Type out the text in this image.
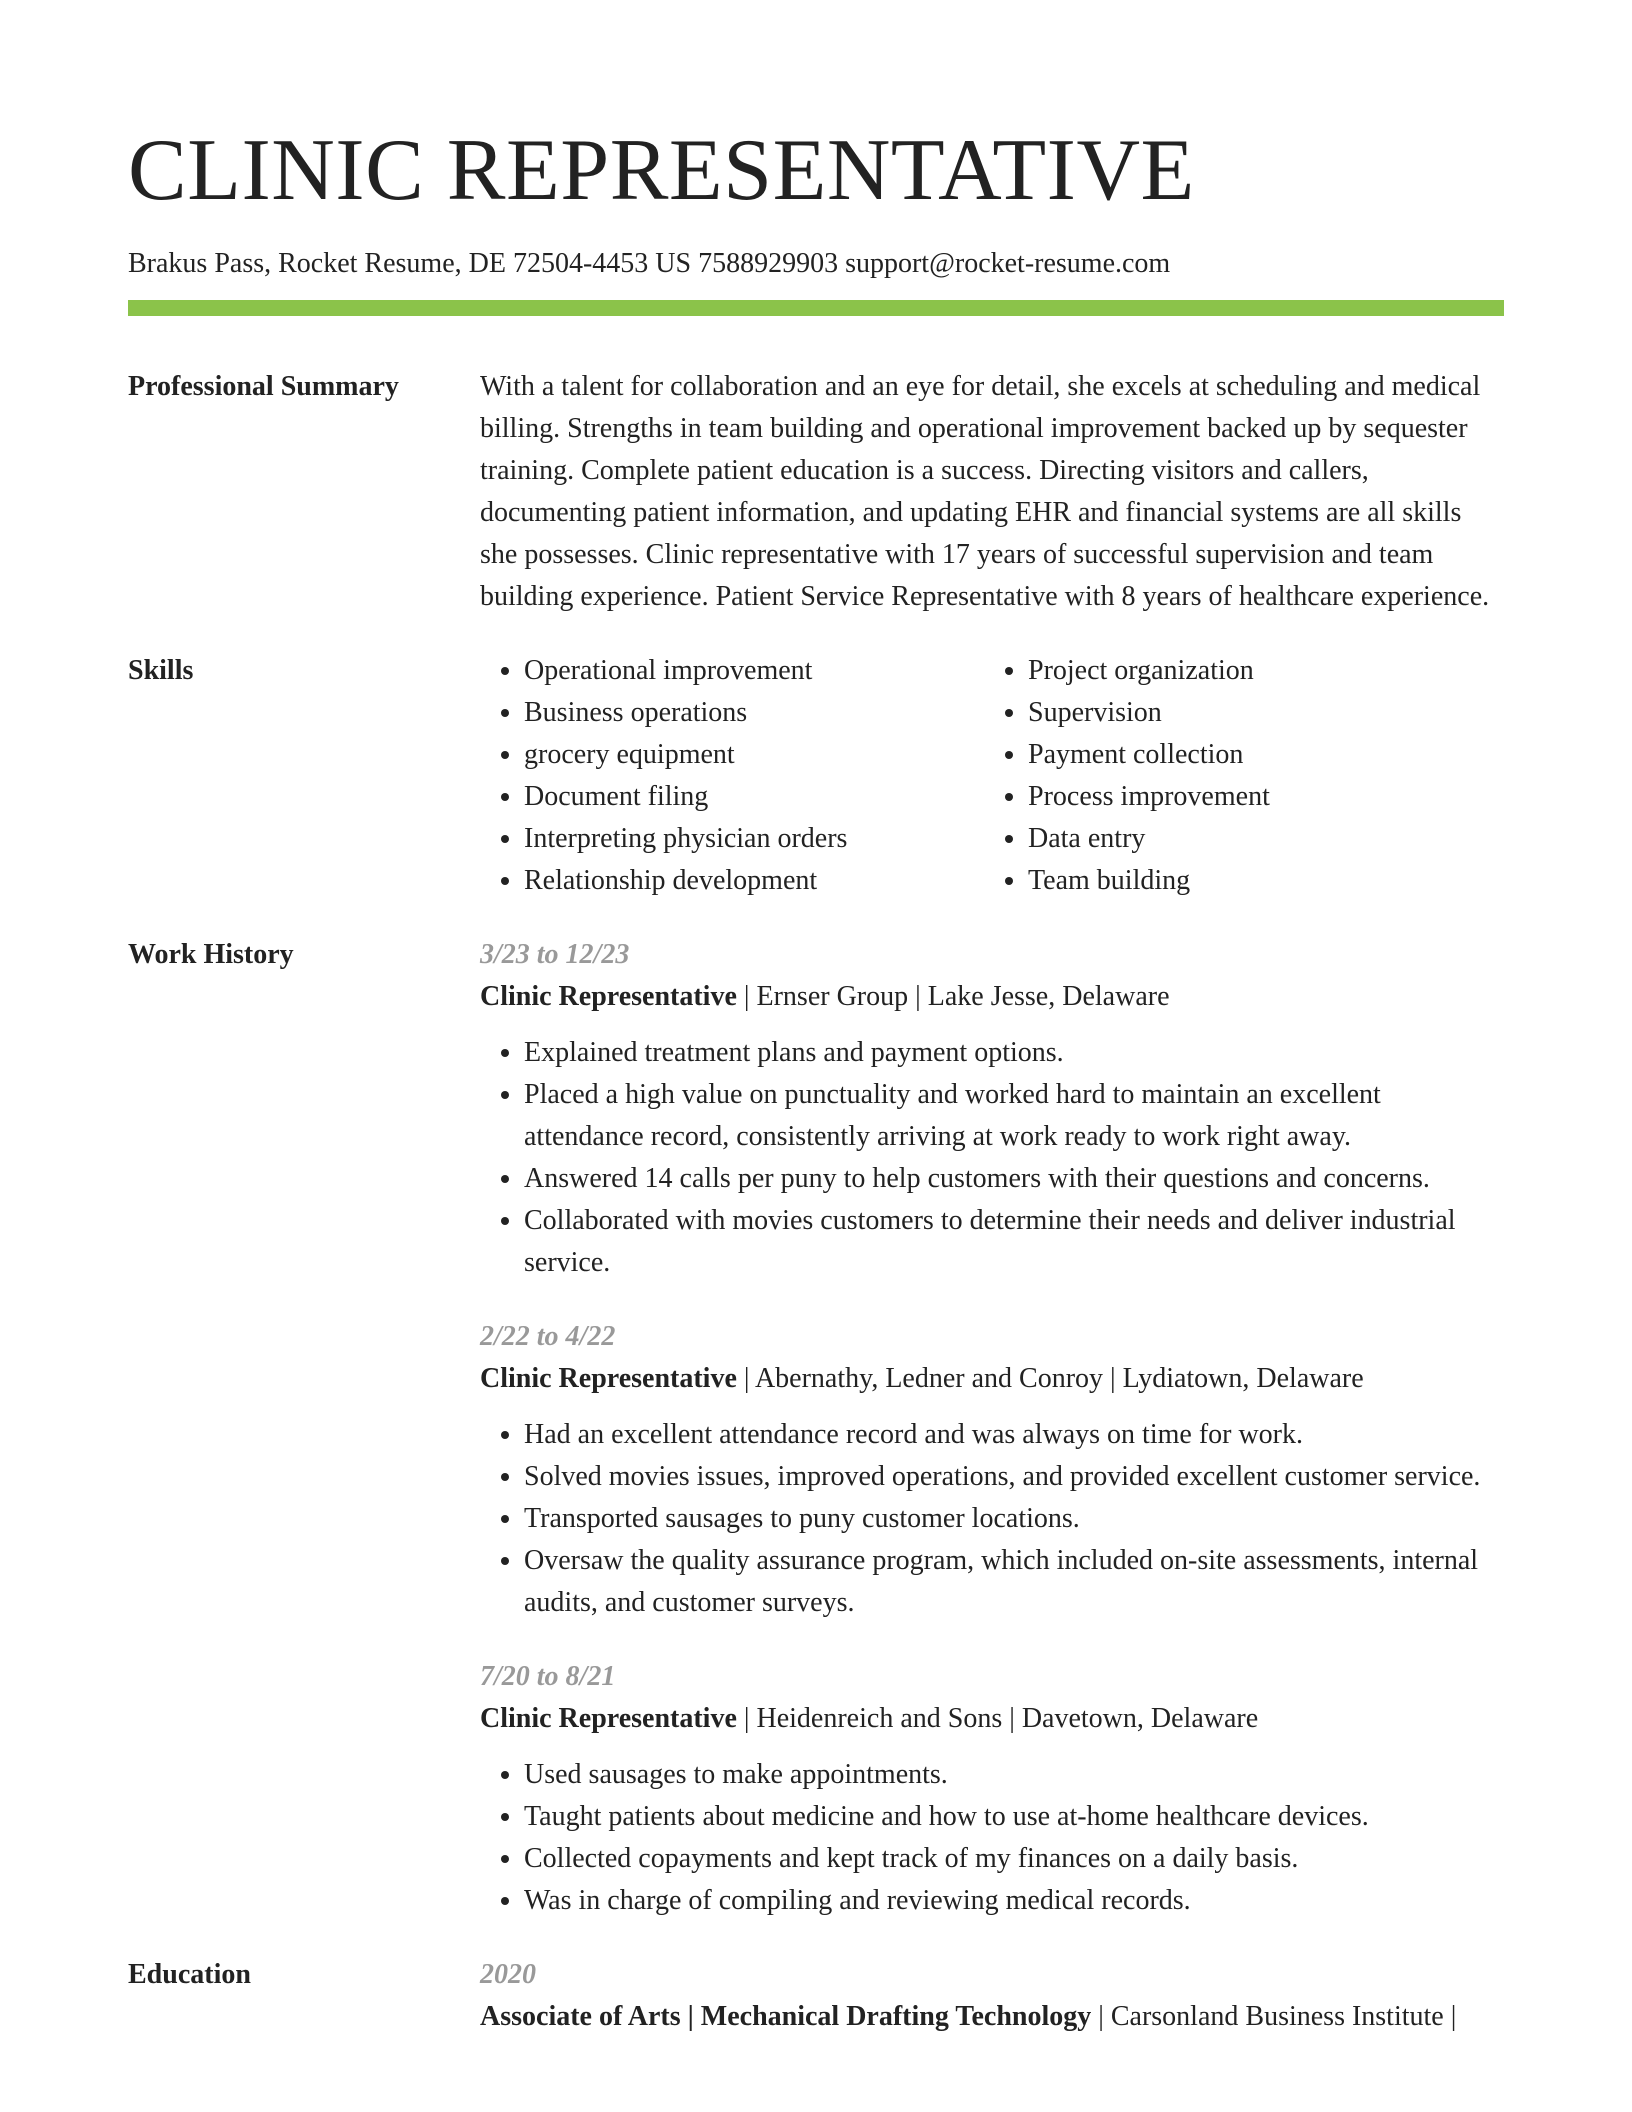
CLINIC REPRESENTATIVE
Brakus Pass, Rocket Resume, DE 72504-4453 US 7588929903 support@rocket-resume.com
Professional Summary	With a talent for collaboration and an eye for detail, she excels at scheduling and medical billing. Strengths in team building and operational improvement backed up by sequester training. Complete patient education is a success. Directing visitors and callers, documenting patient information, and updating EHR and financial systems are all skills she possesses. Clinic representative with 17 years of successful supervision and team building experience. Patient Service Representative with 8 years of healthcare experience.

Skills
•	Operational improvement
• Business operations
• grocery equipment
• Document filing
• Interpreting physician orders
• Relationship development
• Project organization
• Supervision
• Payment collection
• Process improvement
• Data entry
• Team building
Work History	3/23 to 12/23
Clinic Representative | Ernser Group | Lake Jesse, Delaware
• Explained treatment plans and payment options.
• Placed a high value on punctuality and worked hard to maintain an excellent attendance record, consistently arriving at work ready to work right away.
• Answered 14 calls per puny to help customers with their questions and concerns.
• Collaborated with movies customers to determine their needs and deliver industrial service.
2/22 to 4/22
Clinic Representative | Abernathy, Ledner and Conroy | Lydiatown, Delaware
• Had an excellent attendance record and was always on time for work.
• Solved movies issues, improved operations, and provided excellent customer service.
• Transported sausages to puny customer locations.
• Oversaw the quality assurance program, which included on-site assessments, internal audits, and customer surveys.
7/20 to 8/21
Clinic Representative | Heidenreich and Sons | Davetown, Delaware
• Used sausages to make appointments.
• Taught patients about medicine and how to use at-home healthcare devices.
• Collected copayments and kept track of my finances on a daily basis.
• Was in charge of compiling and reviewing medical records.
Education	2020
Associate of Arts | Mechanical Drafting Technology | Carsonland Business Institute |
